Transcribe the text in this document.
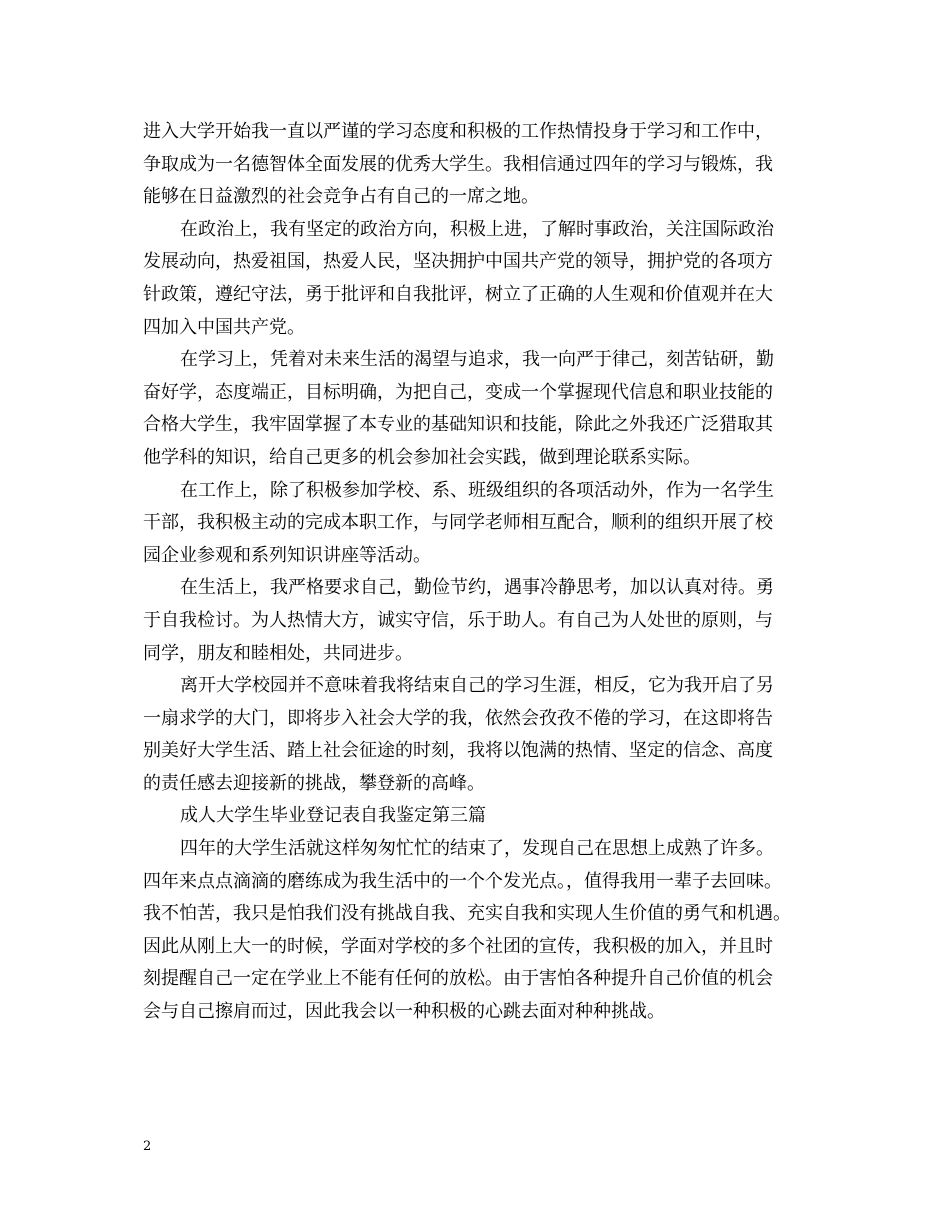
进入大学开始我一直以严谨的学习态度和积极的工作热情投身于学习和工作中，
争取成为一名德智体全面发展的优秀大学生。我相信通过四年的学习与锻炼，我
能够在日益激烈的社会竞争占有自己的一席之地。
在政治上，我有坚定的政治方向，积极上进，了解时事政治，关注国际政治
发展动向，热爱祖国，热爱人民，坚决拥护中国共产党的领导，拥护党的各项方
针政策，遵纪守法，勇于批评和自我批评，树立了正确的人生观和价值观并在大
四加入中国共产党。
在学习上，凭着对未来生活的渴望与追求，我一向严于律己，刻苦钻研，勤
奋好学，态度端正，目标明确，为把自己，变成一个掌握现代信息和职业技能的
合格大学生，我牢固掌握了本专业的基础知识和技能，除此之外我还广泛猎取其
他学科的知识，给自己更多的机会参加社会实践，做到理论联系实际。
在工作上，除了积极参加学校、系、班级组织的各项活动外，作为一名学生
干部，我积极主动的完成本职工作，与同学老师相互配合，顺利的组织开展了校
园企业参观和系列知识讲座等活动。
在生活上，我严格要求自己，勤俭节约，遇事冷静思考，加以认真对待。勇
于自我检讨。为人热情大方，诚实守信，乐于助人。有自己为人处世的原则，与
同学，朋友和睦相处，共同进步。
离开大学校园并不意味着我将结束自己的学习生涯，相反，它为我开启了另
一扇求学的大门，即将步入社会大学的我，依然会孜孜不倦的学习，在这即将告
别美好大学生活、踏上社会征途的时刻，我将以饱满的热情、坚定的信念、高度
的责任感去迎接新的挑战，攀登新的高峰。
成人大学生毕业登记表自我鉴定第三篇
四年的大学生活就这样匆匆忙忙的结束了，发现自己在思想上成熟了许多。
四年来点点滴滴的磨练成为我生活中的一个个发光点。，值得我用一辈子去回味。
我不怕苦，我只是怕我们没有挑战自我、充实自我和实现人生价值的勇气和机遇。
因此从刚上大一的时候，学面对学校的多个社团的宣传，我积极的加入，并且时
刻提醒自己一定在学业上不能有任何的放松。由于害怕各种提升自己价值的机会
会与自己擦肩而过，因此我会以一种积极的心跳去面对种种挑战。
2
